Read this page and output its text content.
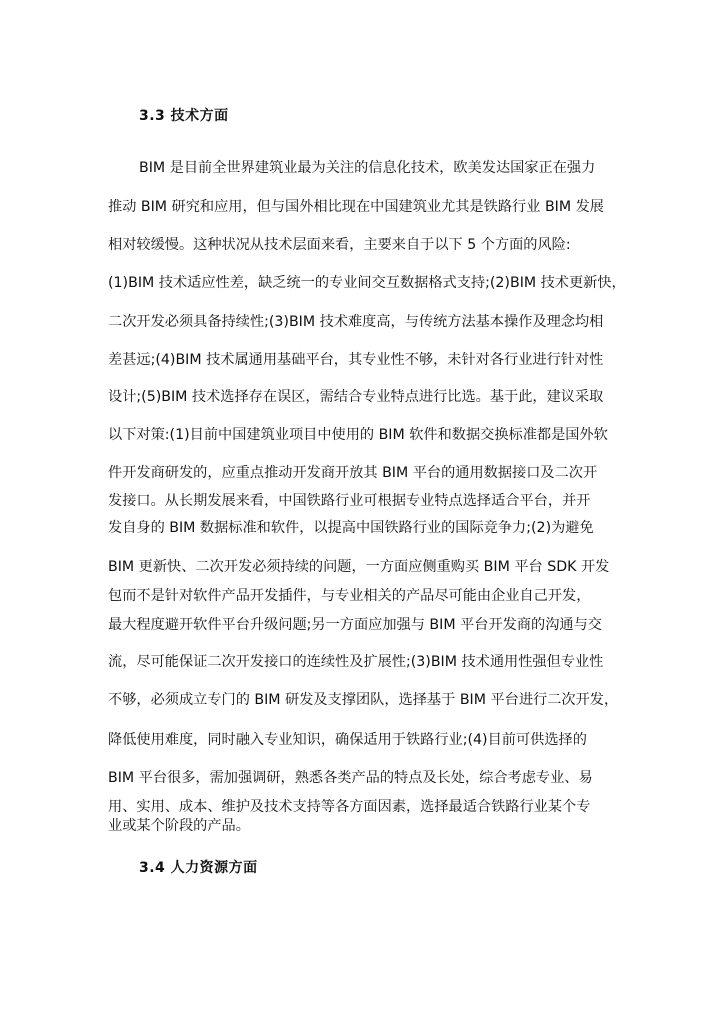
3.3 技术方面
BIM 是目前全世界建筑业最为关注的信息化技术，欧美发达国家正在强力
推动 BIM 研究和应用，但与国外相比现在中国建筑业尤其是铁路行业 BIM 发展
相对较缓慢。这种状况从技术层面来看，主要来自于以下 5 个方面的风险:
(1)BIM 技术适应性差，缺乏统一的专业间交互数据格式支持;(2)BIM 技术更新快，
二次开发必须具备持续性;(3)BIM 技术难度高，与传统方法基本操作及理念均相
差甚远;(4)BIM 技术属通用基础平台，其专业性不够，未针对各行业进行针对性
设计;(5)BIM 技术选择存在误区，需结合专业特点进行比选。基于此，建议采取
以下对策:(1)目前中国建筑业项目中使用的 BIM 软件和数据交换标准都是国外软
件开发商研发的，应重点推动开发商开放其 BIM 平台的通用数据接口及二次开
发接口。从长期发展来看，中国铁路行业可根据专业特点选择适合平台，并开
发自身的 BIM 数据标准和软件，以提高中国铁路行业的国际竞争力;(2)为避免
BIM 更新快、二次开发必须持续的问题，一方面应侧重购买 BIM 平台 SDK 开发
包而不是针对软件产品开发插件，与专业相关的产品尽可能由企业自己开发，
最大程度避开软件平台升级问题;另一方面应加强与 BIM 平台开发商的沟通与交
流，尽可能保证二次开发接口的连续性及扩展性;(3)BIM 技术通用性强但专业性
不够，必须成立专门的 BIM 研发及支撑团队，选择基于 BIM 平台进行二次开发，
降低使用难度，同时融入专业知识，确保适用于铁路行业;(4)目前可供选择的
BIM 平台很多，需加强调研，熟悉各类产品的特点及长处，综合考虑专业、易
用、实用、成本、维护及技术支持等各方面因素，选择最适合铁路行业某个专
业或某个阶段的产品。
3.4 人力资源方面
